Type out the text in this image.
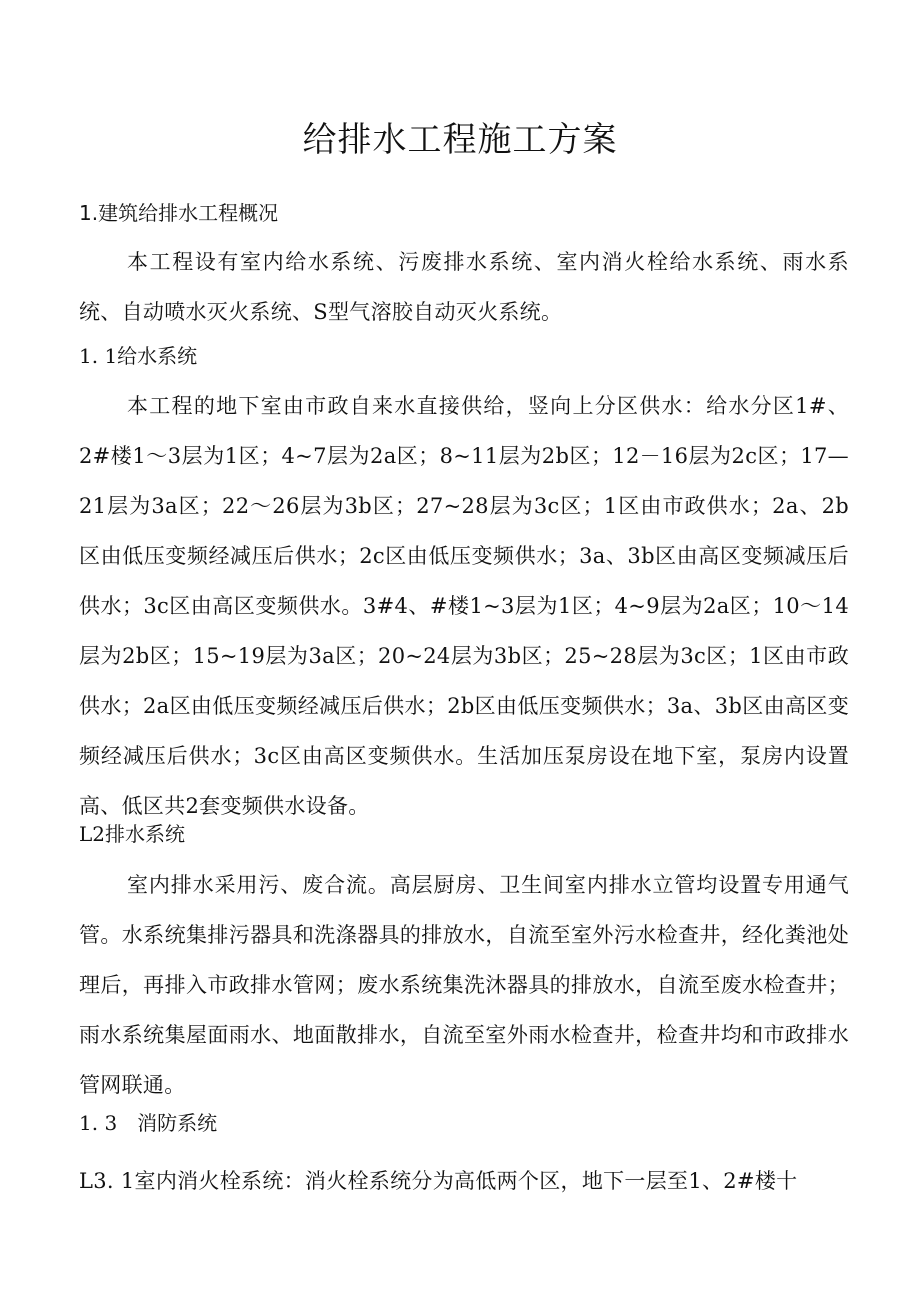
给排水工程施工方案
1.建筑给排水工程概况

本工程设有室内给水系统、污废排水系统、室内消火栓给水系统、雨水系统、自动喷水灭火系统、S型气溶胶自动灭火系统。

1. 1给水系统

本工程的地下室由市政自来水直接供给，竖向上分区供水：给水分区1#、2#楼1～3层为1区；4~7层为2a区；8~11层为2b区；12－16层为2c区；17—21层为3a区；22～26层为3b区；27~28层为3c区；1区由市政供水；2a、2b区由低压变频经减压后供水；2c区由低压变频供水；3a、3b区由高区变频减压后供水；3c区由高区变频供水。3#4、#楼1~3层为1区；4~9层为2a区；10～14层为2b区；15~19层为3a区；20~24层为3b区；25~28层为3c区；1区由市政供水；2a区由低压变频经减压后供水；2b区由低压变频供水；3a、3b区由高区变频经减压后供水；3c区由高区变频供水。生活加压泵房设在地下室，泵房内设置高、低区共2套变频供水设备。

L2排水系统

室内排水采用污、废合流。高层厨房、卫生间室内排水立管均设置专用通气管。水系统集排污器具和洗涤器具的排放水，自流至室外污水检查井，经化粪池处理后，再排入市政排水管网；废水系统集洗沐器具的排放水，自流至废水检查井；雨水系统集屋面雨水、地面散排水，自流至室外雨水检查井，检查井均和市政排水管网联通。

1. 3　消防系统

L3. 1室内消火栓系统：消火栓系统分为高低两个区，地下一层至1、2#楼十
